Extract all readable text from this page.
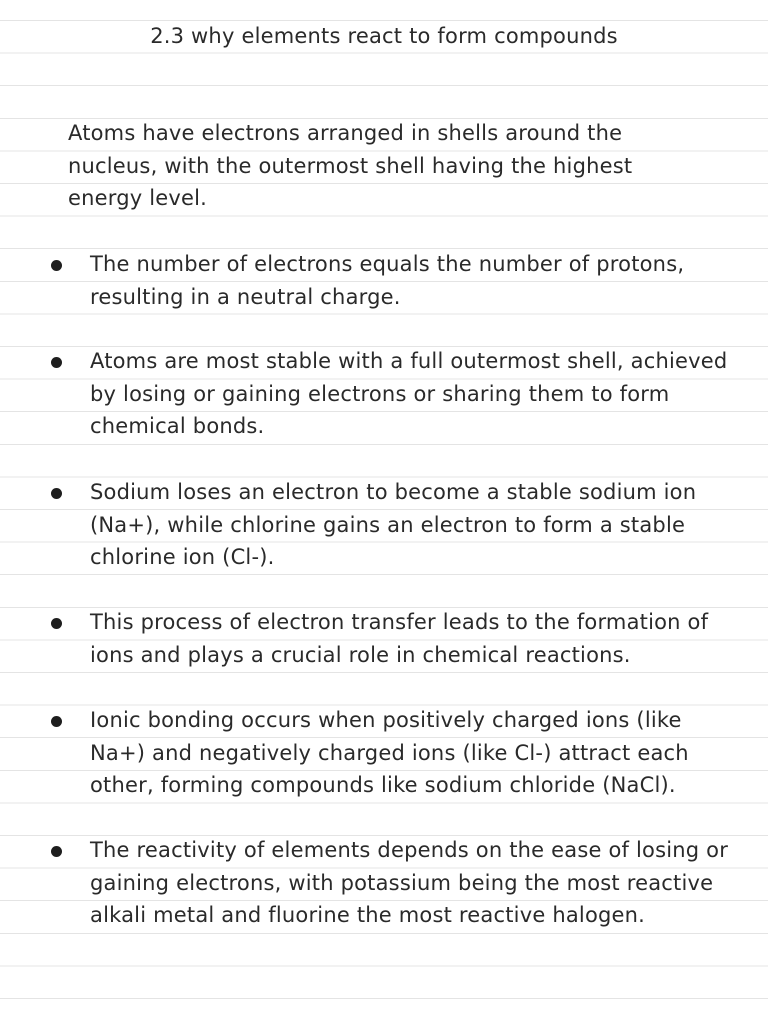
2.3 why elements react to form compounds
Atoms have electrons arranged in shells around the nucleus, with the outermost shell having the highest energy level.
The number of electrons equals the number of protons, resulting in a neutral charge.
Atoms are most stable with a full outermost shell, achieved by losing or gaining electrons or sharing them to form chemical bonds.
Sodium loses an electron to become a stable sodium ion (Na+), while chlorine gains an electron to form a stable chlorine ion (Cl-).
This process of electron transfer leads to the formation of ions and plays a crucial role in chemical reactions.
Ionic bonding occurs when positively charged ions (like Na+) and negatively charged ions (like Cl-) attract each other, forming compounds like sodium chloride (NaCl).
The reactivity of elements depends on the ease of losing or gaining electrons, with potassium being the most reactive alkali metal and fluorine the most reactive halogen.
